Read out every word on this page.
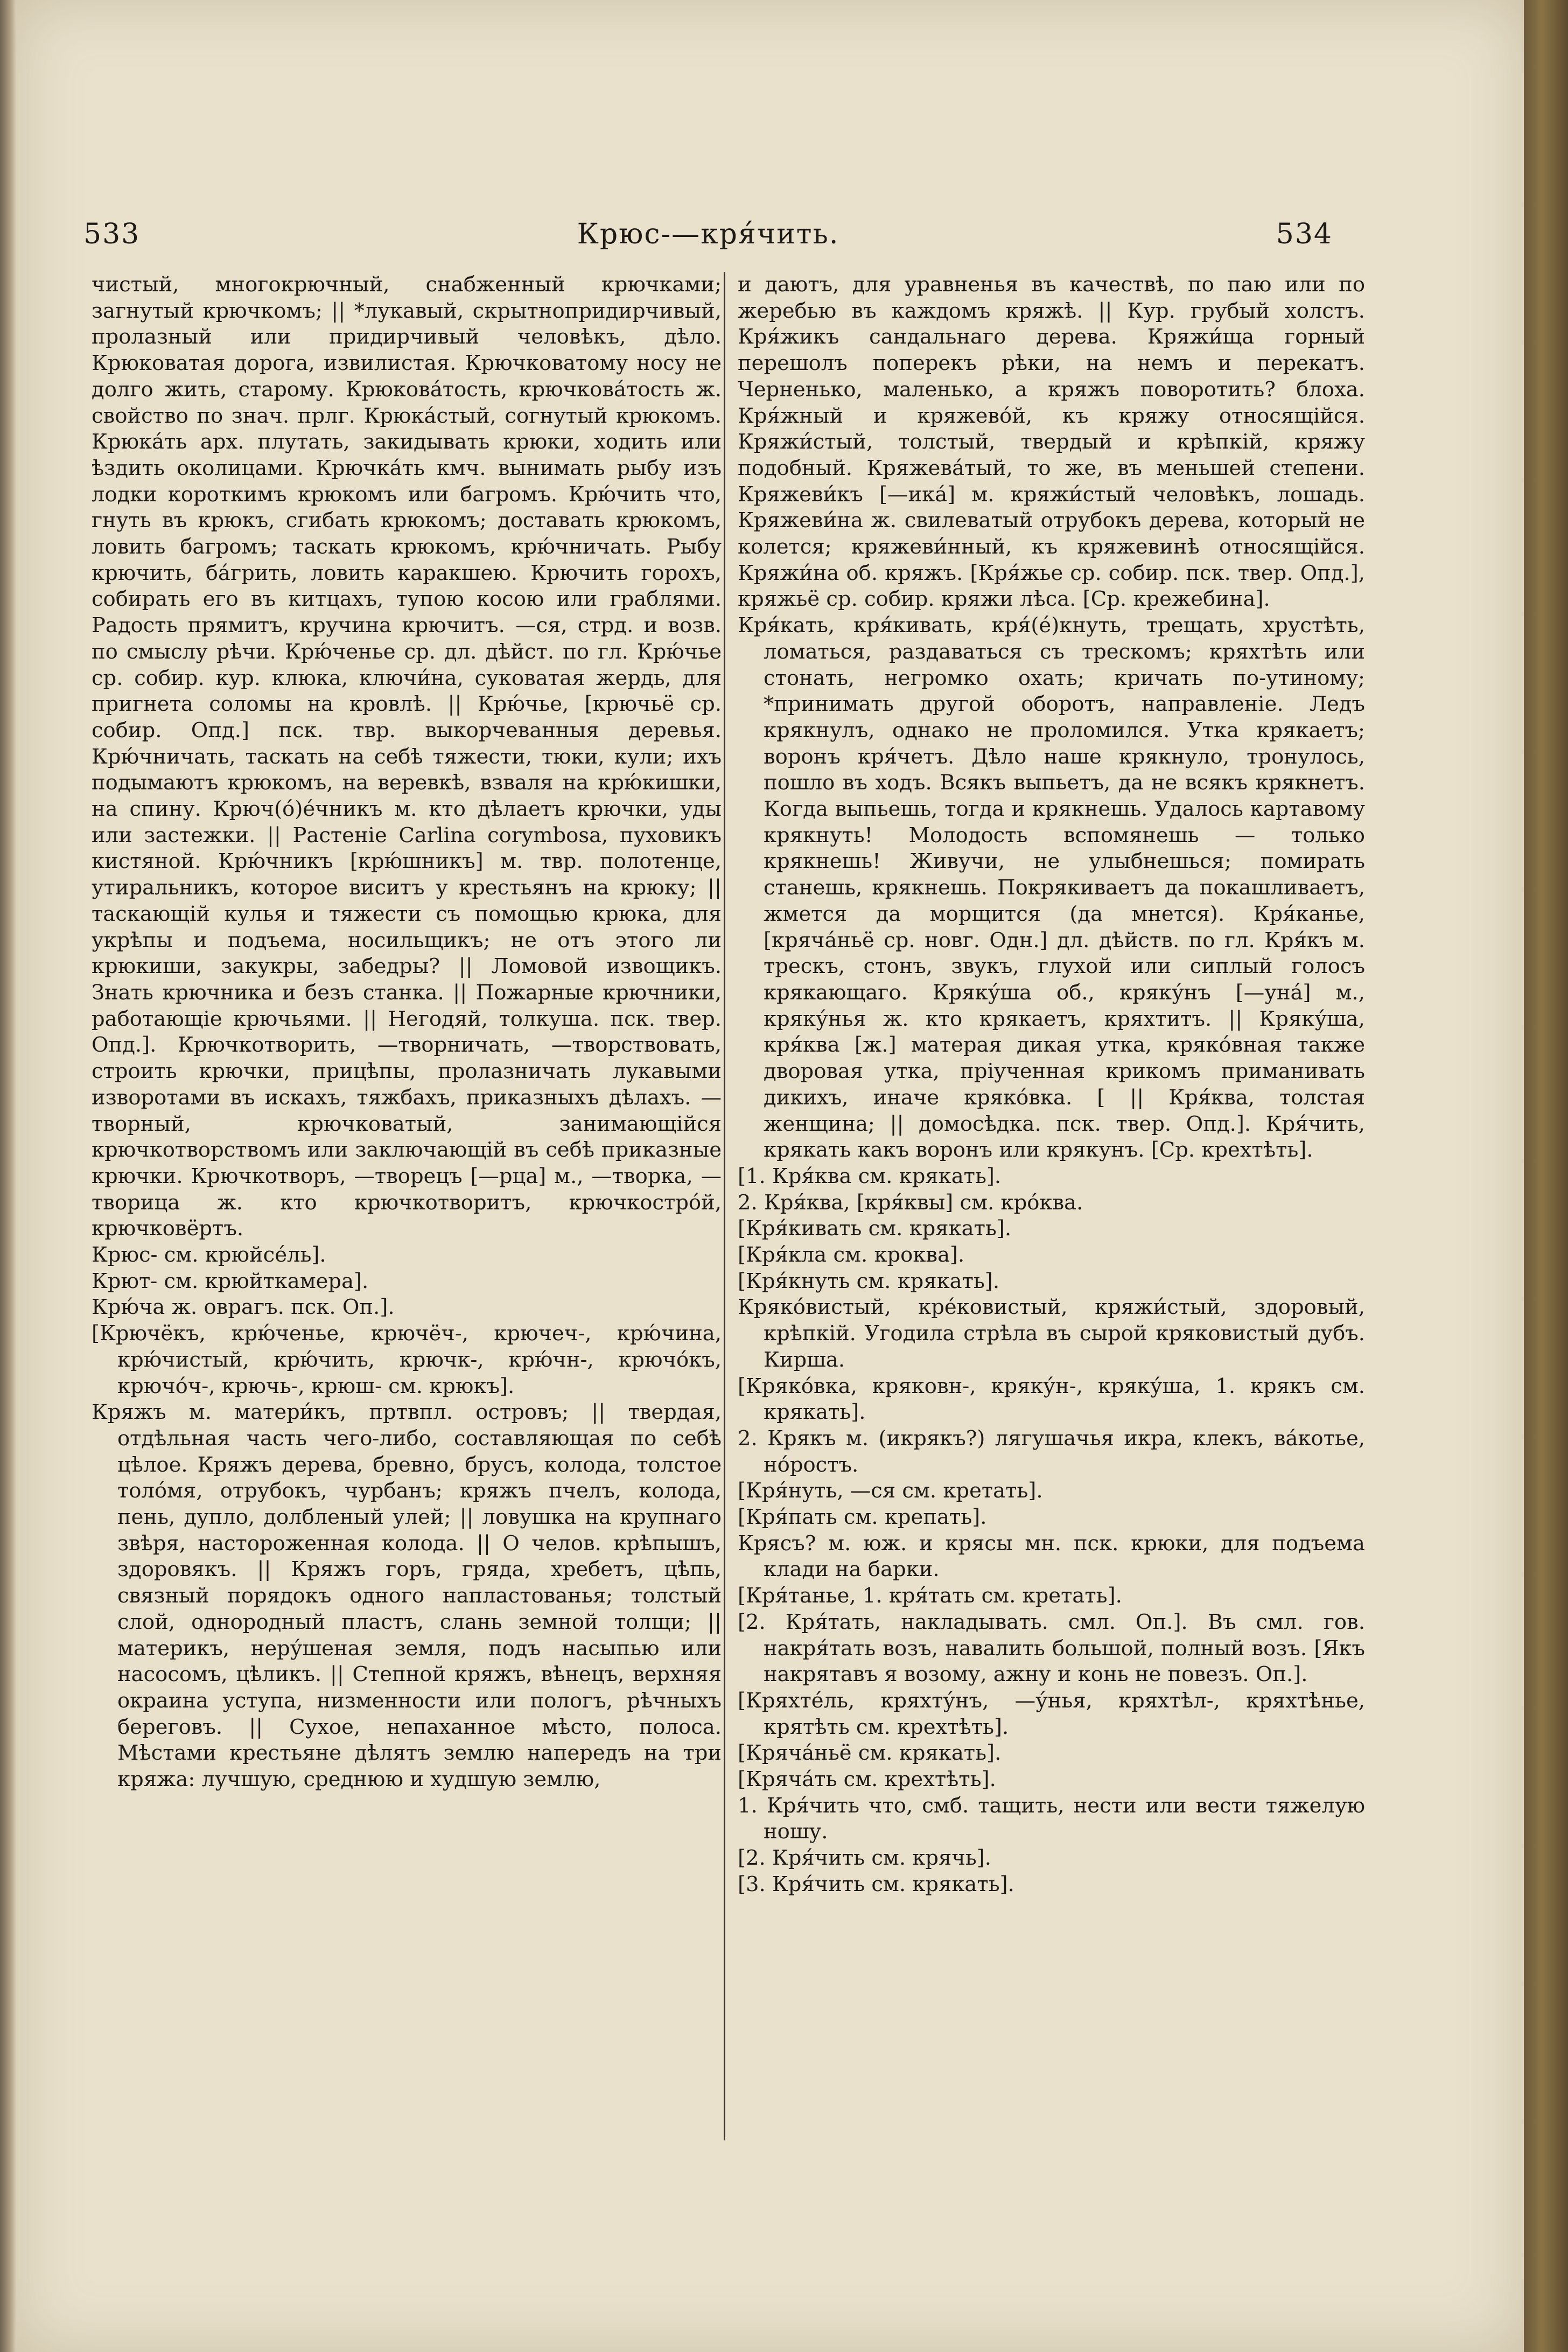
533	Крюс-—кря́чить.	534

чистый, многокрючный, снабженный крючками; загнутый крючкомъ; || *лукавый, скрытнопридирчивый, пролазный или придирчивый человѣкъ, дѣло. Крюковатая дорога, извилистая. Крючковатому носу не долго жить, старому. Крюкова́тость, крючкова́тость ж. свойство по знач. прлг. Крюка́стый, согнутый крюкомъ. Крюка́ть арх. плутать, закидывать крюки, ходить или ѣздить околицами. Крючка́ть кмч. вынимать рыбу изъ лодки короткимъ крюкомъ или багромъ. Крю́чить что, гнуть въ крюкъ, сгибать крюкомъ; доставать крюкомъ, ловить багромъ; таскать крюкомъ, крю́чничать. Рыбу крючить, ба́грить, ловить каракшею. Крючить горохъ, собирать его въ китцахъ, тупою косою или граблями. Радость прямитъ, кручина крючитъ. —ся, стрд. и возв. по смыслу рѣчи. Крю́ченье ср. дл. дѣйст. по гл. Крю́чье ср. собир. кур. клюка, ключи́на, суковатая жердь, для пригнета соломы на кровлѣ. || Крю́чье, [крючьё ср. собир. Опд.] пск. твр. выкорчеванныя деревья. Крю́чничать, таскать на себѣ тяжести, тюки, кули; ихъ подымаютъ крюкомъ, на веревкѣ, взваля на крю́кишки, на спину. Крюч(ó)éчникъ м. кто дѣлаетъ крючки, уды или застежки. || Растеніе Carlina corymbosa, пуховикъ кистяной. Крю́чникъ [крю́шникъ] м. твр. полотенце, утиральникъ, которое виситъ у крестьянъ на крюку; || таскающій кулья и тяжести съ помощью крюка, для укрѣпы и подъема, носильщикъ; не отъ этого ли крюкиши, закукры, забедры? || Ломовой извощикъ. Знать крючника и безъ станка. || Пожарные крючники, работающіе крючьями. || Негодяй, толкуша. пск. твер. Опд.]. Крючкотворить, —творничать, —творствовать, строить крючки, прицѣпы, пролазничать лукавыми изворотами въ искахъ, тяжбахъ, приказныхъ дѣлахъ. —творный, крючковатый, занимающійся крючкотворствомъ или заключающій въ себѣ приказные крючки. Крючкотворъ, —творецъ [—рца] м., —творка, —творица ж. кто крючкотворитъ, крючкострóй, крючковёртъ.

Крюс- см. крюйсéль].

Крют- см. крюйткамера].

Крю́ча ж. оврагъ. пск. Оп.].

[Крючёкъ, крю́ченье, крючёч-, крючеч-, крю́чина, крю́чистый, крю́чить, крючк-, крю́чн-, крючо́къ, крючо́ч-, крючь-, крюш- см. крюкъ].

Кряжъ м. матери́къ, пртвпл. островъ; || твердая, отдѣльная часть чего-либо, составляющая по себѣ цѣлое. Кряжъ дерева, бревно, брусъ, колода, толстое толо́мя, отрубокъ, чурбанъ; кряжъ пчелъ, колода, пень, дупло, долбленый улей; || ловушка на крупнаго звѣря, настороженная колода. || О челов. крѣпышъ, здоровякъ. || Кряжъ горъ, гряда, хребетъ, цѣпь, связный порядокъ одного напластованья; толстый слой, однородный пластъ, слань земной толщи; || материкъ, неру́шеная земля, подъ насыпью или насосомъ, цѣликъ. || Степной кряжъ, вѣнецъ, верхняя окраина уступа, низменности или пологъ, рѣчныхъ береговъ. || Сухое, непаханное мѣсто, полоса. Мѣстами крестьяне дѣлятъ землю напередъ на три кряжа: лучшую, среднюю и худшую землю,

и даютъ, для уравненья въ качествѣ, по паю или по жеребью въ каждомъ кряжѣ. || Кур. грубый холстъ. Кря́жикъ сандальнаго дерева. Кряжи́ща горный перешолъ поперекъ рѣки, на немъ и перекатъ. Черненько, маленько, а кряжъ поворотить? блоха. Кря́жный и кряжево́й, къ кряжу относящійся. Кряжи́стый, толстый, твердый и крѣпкій, кряжу подобный. Кряжева́тый, то же, въ меньшей степени. Кряжеви́къ [—ика́] м. кряжи́стый человѣкъ, лошадь. Кряжеви́на ж. свилеватый отрубокъ дерева, который не колется; кряжеви́нный, къ кряжевинѣ относящійся. Кряжи́на об. кряжъ. [Кря́жье ср. собир. пск. твер. Опд.], кряжьё ср. собир. кряжи лѣса. [Ср. крежебина].

Кря́кать, кря́кивать, кря́(é)кнуть, трещать, хрустѣть, ломаться, раздаваться съ трескомъ; кряхтѣть или стонать, негромко охать; кричать по-утиному; *принимать другой оборотъ, направленіе. Ледъ крякнулъ, однако не проломился. Утка крякаетъ; воронъ кря́четъ. Дѣло наше крякнуло, тронулось, пошло въ ходъ. Всякъ выпьетъ, да не всякъ крякнетъ. Когда выпьешь, тогда и крякнешь. Удалось картавому крякнуть! Молодость вспомянешь — только крякнешь! Живучи, не улыбнешься; помирать станешь, крякнешь. Покрякиваетъ да покашливаетъ, жмется да морщится (да мнется). Кря́канье, [кряча́ньё ср. новг. Одн.] дл. дѣйств. по гл. Кря́къ м. трескъ, стонъ, звукъ, глухой или сиплый голосъ крякающаго. Кряку́ша об., кряку́нъ [—уна́] м., кряку́нья ж. кто крякаетъ, кряхтитъ. || Кряку́ша, кря́ква [ж.] матерая дикая утка, кряко́вная также дворовая утка, пріученная крикомъ приманивать дикихъ, иначе кряко́вка. [ || Кря́ква, толстая женщина; || домосѣдка. пск. твер. Опд.]. Кря́чить, крякать какъ воронъ или крякунъ. [Ср. крехтѣть].

[1. Кря́ква см. крякать].

2. Кря́ква, [кря́квы] см. кро́ква.

[Кря́кивать см. крякать].

[Кря́кла см. кроква].

[Кря́кнуть см. крякать].

Кряко́вистый, кре́ковистый, кряжи́стый, здоровый, крѣпкій. Угодила стрѣла въ сырой кряковистый дубъ. Кирша.

[Кряко́вка, кряковн-, кряку́н-, кряку́ша, 1. крякъ см. крякать].

2. Крякъ м. (икрякъ?) лягушачья икра, клекъ, ва́котье, но́ростъ.

[Кря́нуть, —ся см. кретать].

[Кря́пать см. крепать].

Крясъ? м. юж. и крясы мн. пск. крюки, для подъема клади на барки.

[Кря́танье, 1. кря́тать см. кретать].

[2. Кря́тать, накладывать. смл. Оп.]. Въ смл. гов. накря́тать возъ, навалить большой, полный возъ. [Якъ накрятавъ я возому, ажну и конь не повезъ. Оп.].

[Кряхте́ль, кряхту́нъ, —у́нья, кряхтѣл-, кряхтѣнье, крятѣть см. крехтѣть].

[Кряча́ньё см. крякать].

[Кряча́ть см. крехтѣть].

1. Кря́чить что, смб. тащить, нести или вести тяжелую ношу.

[2. Кря́чить см. крячь].

[3. Кря́чить см. крякать].
